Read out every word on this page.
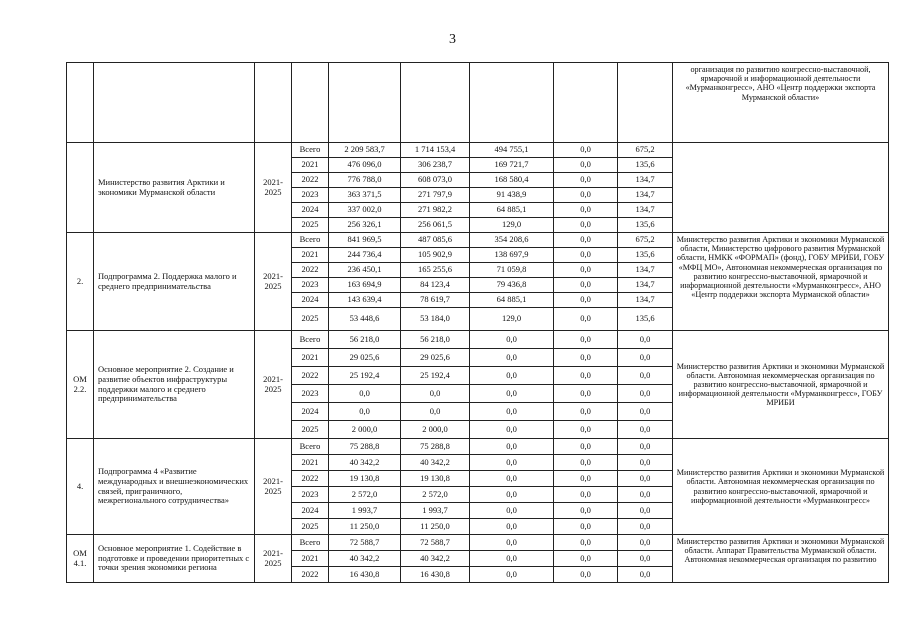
3
									организация по развитию конгрессно-выставочной, ярмарочной и информационной деятельности «Мурманконгресс», АНО «Центр поддержки экспорта Мурманской области»
	Министерство развития Арктики и экономики Мурманской области	2021-2025	Всего	2 209 583,7	1 714 153,4	494 755,1	0,0	675,2	
			2021	476 096,0	306 238,7	169 721,7	0,0	135,6	
			2022	776 788,0	608 073,0	168 580,4	0,0	134,7	
			2023	363 371,5	271 797,9	91 438,9	0,0	134,7	
			2024	337 002,0	271 982,2	64 885,1	0,0	134,7	
			2025	256 326,1	256 061,5	129,0	0,0	135,6	
2.	Подпрограмма 2. Поддержка малого и среднего предпринимательства	2021-2025	Всего	841 969,5	487 085,6	354 208,6	0,0	675,2	Министерство развития Арктики и экономики Мурманской области, Министерство цифрового развития Мурманской области, НМКК «ФОРМАП» (фонд), ГОБУ МРИБИ, ГОБУ «МФЦ МО», Автономная некоммерческая организация по развитию конгрессно-выставочной, ярмарочной и информационной деятельности «Мурманконгресс», АНО «Центр поддержки экспорта Мурманской области»
			2021	244 736,4	105 902,9	138 697,9	0,0	135,6	
			2022	236 450,1	165 255,6	71 059,8	0,0	134,7	
			2023	163 694,9	84 123,4	79 436,8	0,0	134,7	
			2024	143 639,4	78 619,7	64 885,1	0,0	134,7	
			2025	53 448,6	53 184,0	129,0	0,0	135,6	
ОМ 2.2.	Основное мероприятие 2. Создание и развитие объектов инфраструктуры поддержки малого и среднего предпринимательства	2021-2025	Всего	56 218,0	56 218,0	0,0	0,0	0,0	Министерство развития Арктики и экономики Мурманской области. Автономная некоммерческая организация по развитию конгрессно-выставочной, ярмарочной и информационной деятельности «Мурманконгресс», ГОБУ МРИБИ
			2021	29 025,6	29 025,6	0,0	0,0	0,0	
			2022	25 192,4	25 192,4	0,0	0,0	0,0	
			2023	0,0	0,0	0,0	0,0	0,0	
			2024	0,0	0,0	0,0	0,0	0,0	
			2025	2 000,0	2 000,0	0,0	0,0	0,0	
4.	Подпрограмма 4 «Развитие международных и внешнеэкономических связей, приграничного, межрегионального сотрудничества»	2021-2025	Всего	75 288,8	75 288,8	0,0	0,0	0,0	Министерство развития Арктики и экономики Мурманской области. Автономная некоммерческая организация по развитию конгрессно-выставочной, ярмарочной и информационной деятельности «Мурманконгресс»
			2021	40 342,2	40 342,2	0,0	0,0	0,0	
			2022	19 130,8	19 130,8	0,0	0,0	0,0	
			2023	2 572,0	2 572,0	0,0	0,0	0,0	
			2024	1 993,7	1 993,7	0,0	0,0	0,0	
			2025	11 250,0	11 250,0	0,0	0,0	0,0	
ОМ 4.1.	Основное мероприятие 1. Содействие в подготовке и проведении приоритетных с точки зрения экономики региона	2021-2025	Всего	72 588,7	72 588,7	0,0	0,0	0,0	Министерство развития Арктики и экономики Мурманской области. Аппарат Правительства Мурманской области. Автономная некоммерческая организация по развитию
			2021	40 342,2	40 342,2	0,0	0,0	0,0	
			2022	16 430,8	16 430,8	0,0	0,0	0,0	
